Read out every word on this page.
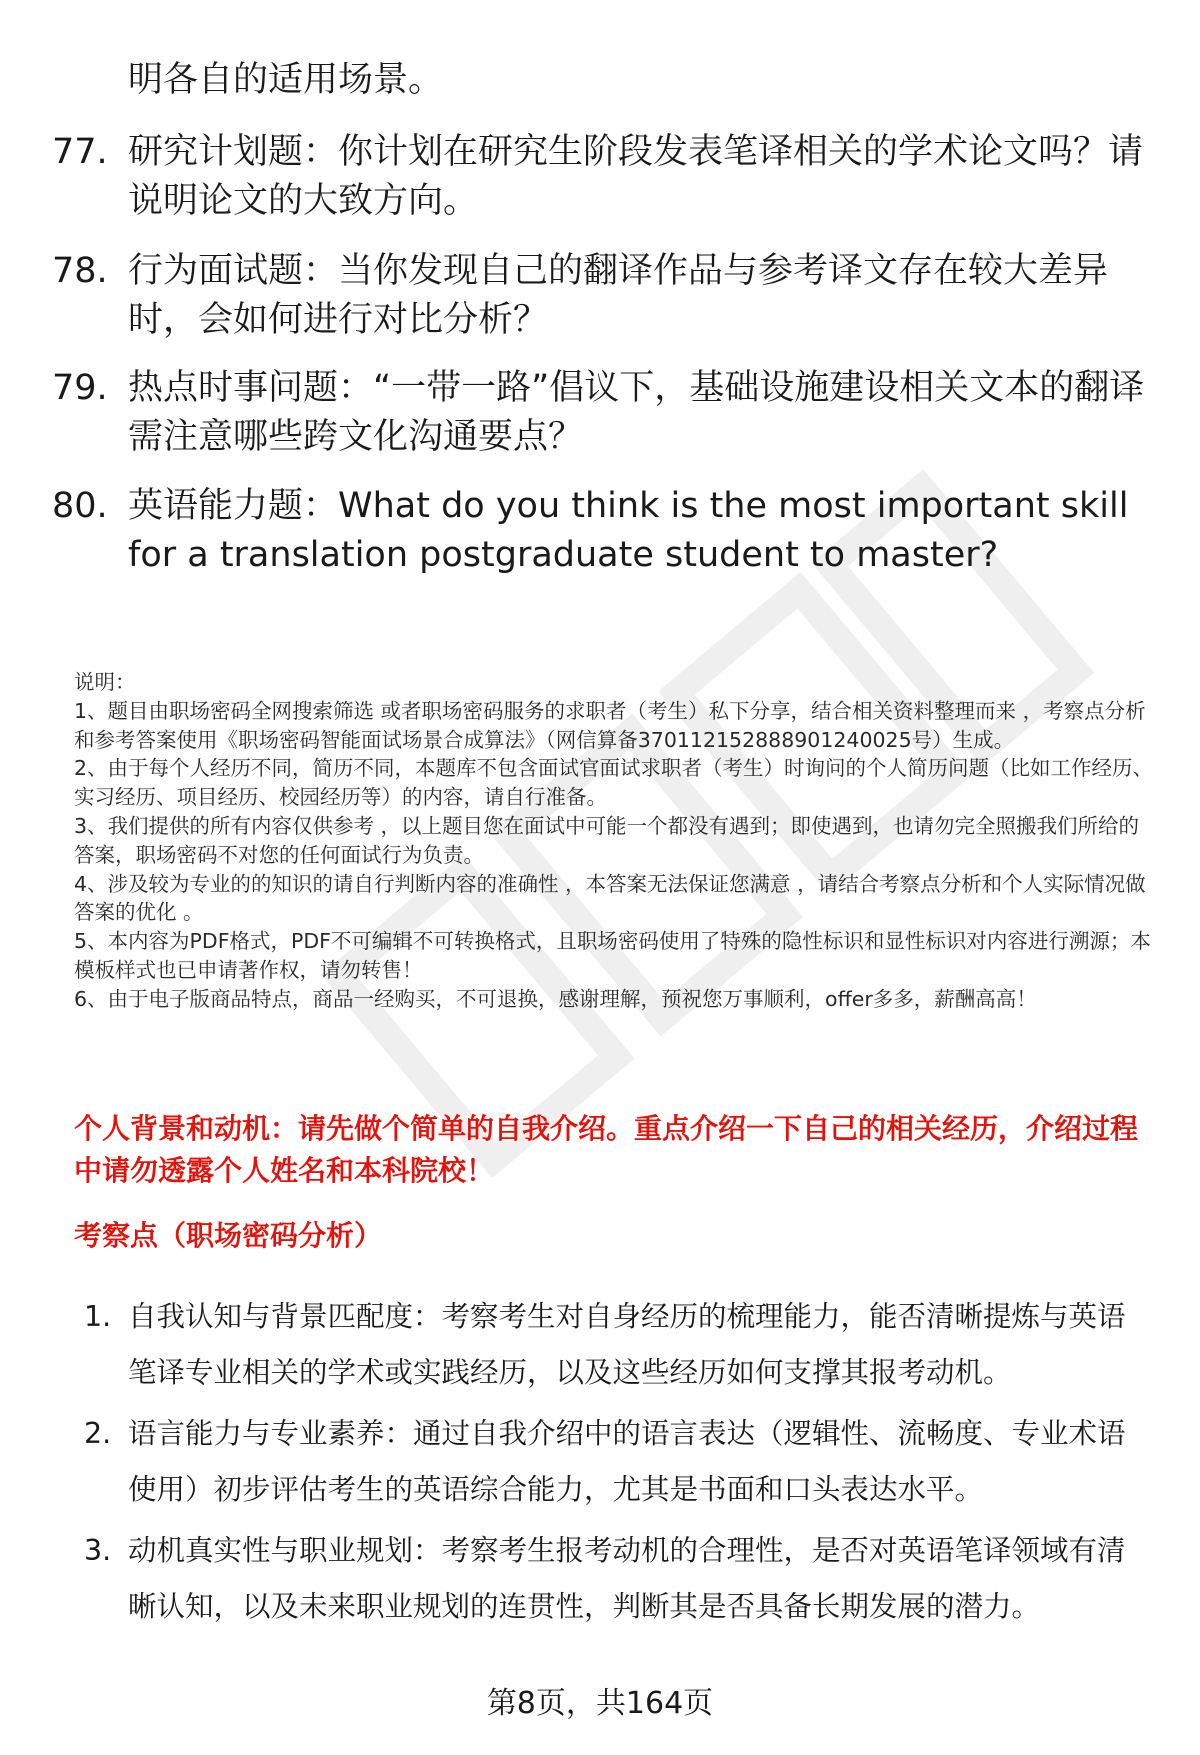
明各自的适用场景。
77. 研究计划题：你计划在研究生阶段发表笔译相关的学术论文吗？请说明论文的大致方向。
78. 行为面试题：当你发现自己的翻译作品与参考译文存在较大差异时，会如何进行对比分析？
79. 热点时事问题：“一带一路”倡议下，基础设施建设相关文本的翻译需注意哪些跨文化沟通要点？
80. 英语能力题：What do you think is the most important skill for a translation postgraduate student to master?

说明：

1、题目由职场密码全网搜索筛选 或者职场密码服务的求职者（考生）私下分享，结合相关资料整理而来 ，考察点分析和参考答案使用《职场密码智能面试场景合成算法》（网信算备370112152888901240025号）生成。

2、由于每个人经历不同，简历不同，本题库不包含面试官面试求职者（考生）时询问的个人简历问题（比如工作经历、实习经历、项目经历、校园经历等）的内容，请自行准备。

3、我们提供的所有内容仅供参考 ，以上题目您在面试中可能一个都没有遇到；即使遇到，也请勿完全照搬我们所给的答案，职场密码不对您的任何面试行为负责。

4、涉及较为专业的的知识的请自行判断内容的准确性 ，本答案无法保证您满意 ，请结合考察点分析和个人实际情况做答案的优化 。

5、本内容为PDF格式，PDF不可编辑不可转换格式，且职场密码使用了特殊的隐性标识和显性标识对内容进行溯源；本模板样式也已申请著作权，请勿转售！

6、由于电子版商品特点，商品一经购买，不可退换，感谢理解，预祝您万事顺利，offer多多，薪酬高高！

个人背景和动机：请先做个简单的自我介绍。重点介绍一下自己的相关经历，介绍过程中请勿透露个人姓名和本科院校！
考察点（职场密码分析）
1. 自我认知与背景匹配度：考察考生对自身经历的梳理能力，能否清晰提炼与英语笔译专业相关的学术或实践经历，以及这些经历如何支撑其报考动机。
2. 语言能力与专业素养：通过自我介绍中的语言表达（逻辑性、流畅度、专业术语使用）初步评估考生的英语综合能力，尤其是书面和口头表达水平。
3. 动机真实性与职业规划：考察考生报考动机的合理性，是否对英语笔译领域有清晰认知，以及未来职业规划的连贯性，判断其是否具备长期发展的潜力。
第8页，共164页
